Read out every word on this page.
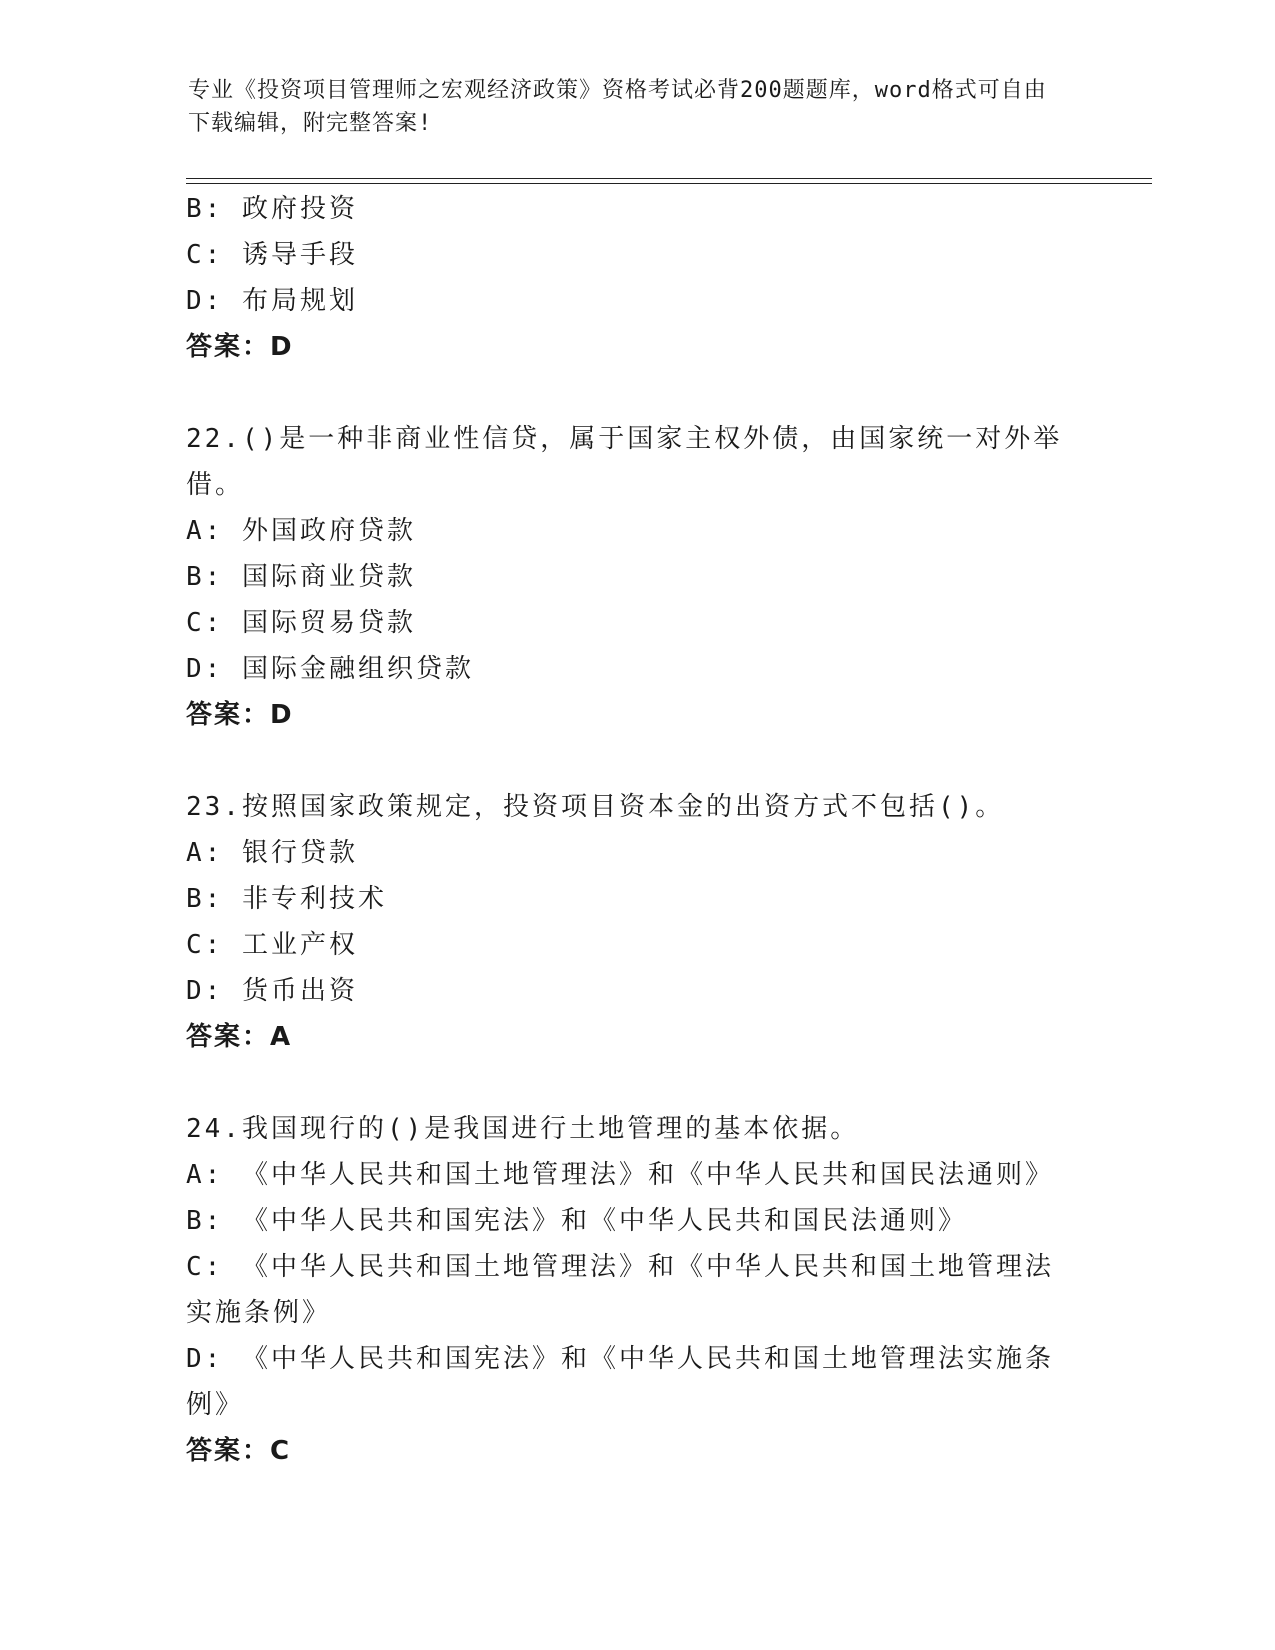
专业《投资项目管理师之宏观经济政策》资格考试必背200题题库，word格式可自由下载编辑，附完整答案!
B: 政府投资
C: 诱导手段
D: 布局规划
答案：D
22.()是一种非商业性信贷，属于国家主权外债，由国家统一对外举借。
A: 外国政府贷款
B: 国际商业贷款
C: 国际贸易贷款
D: 国际金融组织贷款
答案：D
23.按照国家政策规定，投资项目资本金的出资方式不包括()。
A: 银行贷款
B: 非专利技术
C: 工业产权
D: 货币出资
答案：A
24.我国现行的()是我国进行土地管理的基本依据。
A: 《中华人民共和国土地管理法》和《中华人民共和国民法通则》
B: 《中华人民共和国宪法》和《中华人民共和国民法通则》
C: 《中华人民共和国土地管理法》和《中华人民共和国土地管理法实施条例》
D: 《中华人民共和国宪法》和《中华人民共和国土地管理法实施条例》
答案：C
